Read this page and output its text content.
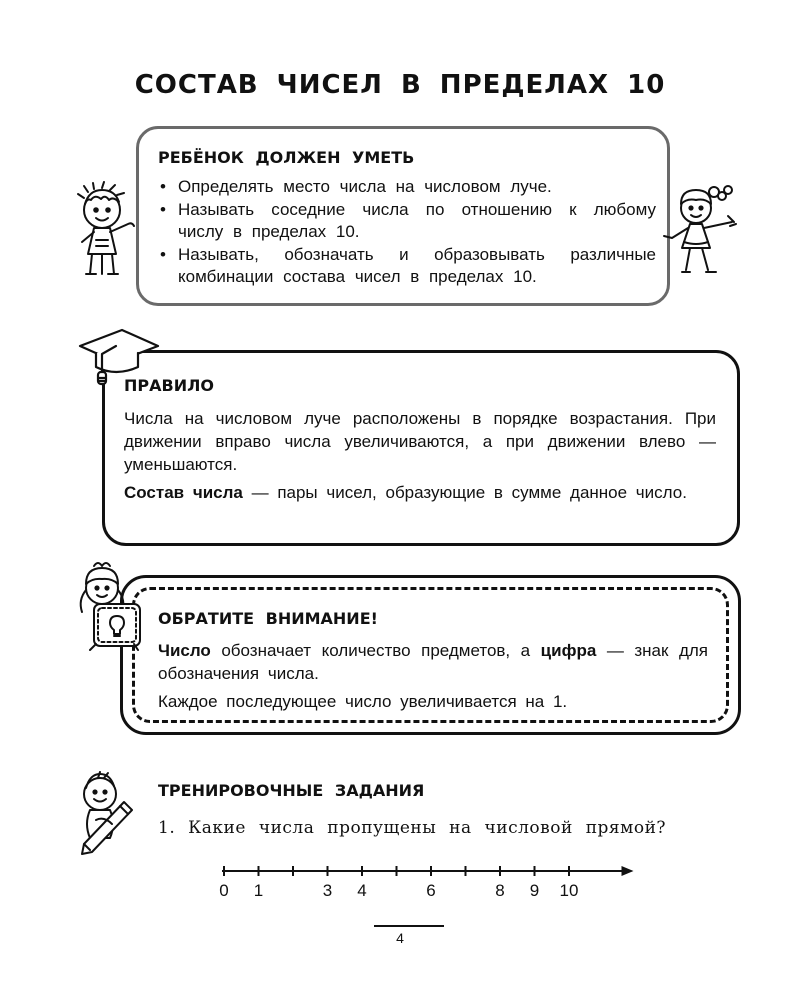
СОСТАВ ЧИСЕЛ В ПРЕДЕЛАХ 10
РЕБЁНОК ДОЛЖЕН УМЕТЬ
• Определять место числа на числовом луче.
• Называть соседние числа по отношению к любому числу в пределах 10.
• Называть, обозначать и образовывать различные комбинации состава чисел в пределах 10.
ПРАВИЛО

Числа на числовом луче расположены в порядке возрастания. При движении вправо числа увеличиваются, а при движении влево — уменьшаются.

Состав числа — пары чисел, образующие в сумме данное число.

ОБРАТИТЕ ВНИМАНИЕ!

Число обозначает количество предметов, а цифра — знак для обозначения числа.

Каждое последующее число увеличивается на 1.

ТРЕНИРОВОЧНЫЕ ЗАДАНИЯ
1. Какие числа пропущены на числовой прямой?
0 1	3 4	6	8 9 10
4
